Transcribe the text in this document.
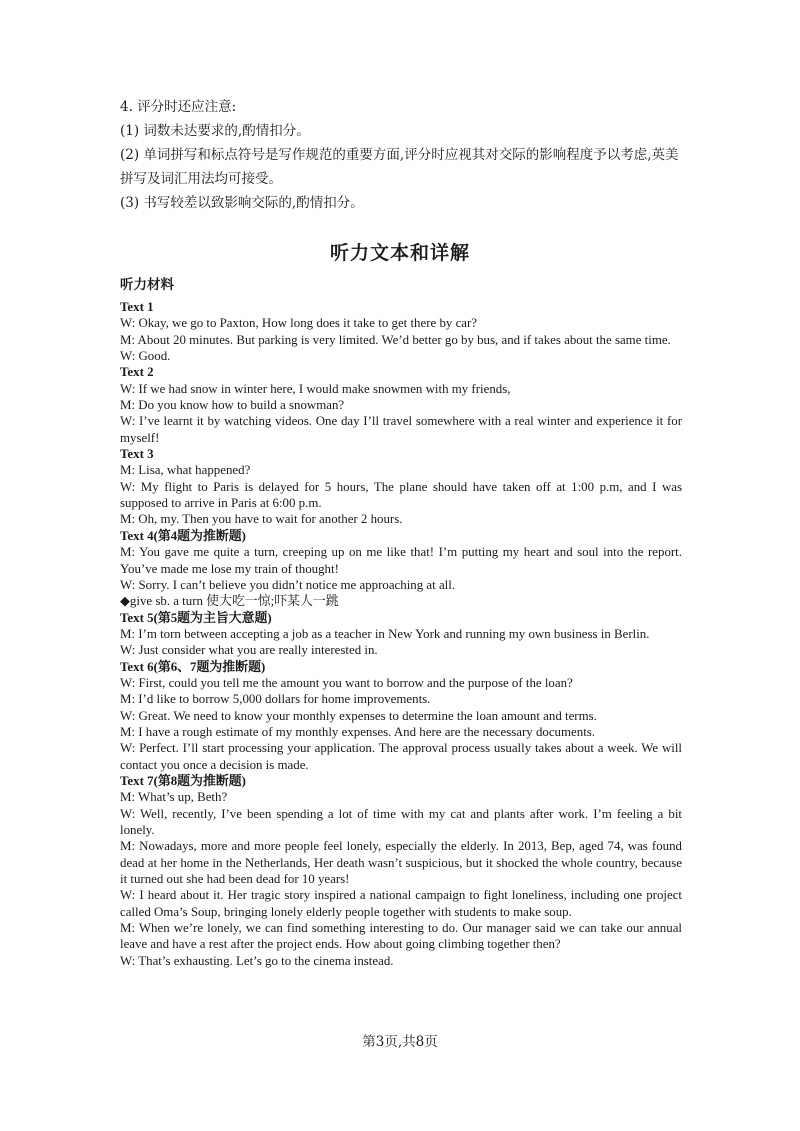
4. 评分时还应注意:

(1) 词数未达要求的,酌情扣分。

(2) 单词拼写和标点符号是写作规范的重要方面,评分时应视其对交际的影响程度予以考虑,英美拼写及词汇用法均可接受。

(3) 书写较差以致影响交际的,酌情扣分。

听力文本和详解
听力材料

Text 1

W: Okay, we go to Paxton, How long does it take to get there by car?

M: About 20 minutes. But parking is very limited. We’d better go by bus, and if takes about the same time.

W: Good.

Text 2

W: If we had snow in winter here, I would make snowmen with my friends,

M: Do you know how to build a snowman?

W: I’ve learnt it by watching videos. One day I’ll travel somewhere with a real winter and experience it for myself!

Text 3

M: Lisa, what happened?

W: My flight to Paris is delayed for 5 hours, The plane should have taken off at 1:00 p.m, and I was supposed to arrive in Paris at 6:00 p.m.

M: Oh, my. Then you have to wait for another 2 hours.

Text 4(第4题为推断题)

M: You gave me quite a turn, creeping up on me like that! I’m putting my heart and soul into the report. You’ve made me lose my train of thought!

W: Sorry. I can’t believe you didn’t notice me approaching at all.

◆give sb. a turn 使大吃一惊;吓某人一跳

Text 5(第5题为主旨大意题)

M: I’m torn between accepting a job as a teacher in New York and running my own business in Berlin.

W: Just consider what you are really interested in.

Text 6(第6、7题为推断题)

W: First, could you tell me the amount you want to borrow and the purpose of the loan?

M: I’d like to borrow 5,000 dollars for home improvements.

W: Great. We need to know your monthly expenses to determine the loan amount and terms.

M: I have a rough estimate of my monthly expenses. And here are the necessary documents.

W: Perfect. I’ll start processing your application. The approval process usually takes about a week. We will contact you once a decision is made.

Text 7(第8题为推断题)

M: What’s up, Beth?

W: Well, recently, I’ve been spending a lot of time with my cat and plants after work. I’m feeling a bit lonely.

M: Nowadays, more and more people feel lonely, especially the elderly. In 2013, Bep, aged 74, was found dead at her home in the Netherlands, Her death wasn’t suspicious, but it shocked the whole country, because it turned out she had been dead for 10 years!

W: I heard about it. Her tragic story inspired a national campaign to fight loneliness, including one project called Oma’s Soup, bringing lonely elderly people together with students to make soup.

M: When we’re lonely, we can find something interesting to do. Our manager said we can take our annual leave and have a rest after the project ends. How about going climbing together then?

W: That’s exhausting. Let’s go to the cinema instead.

第3页,共8页
